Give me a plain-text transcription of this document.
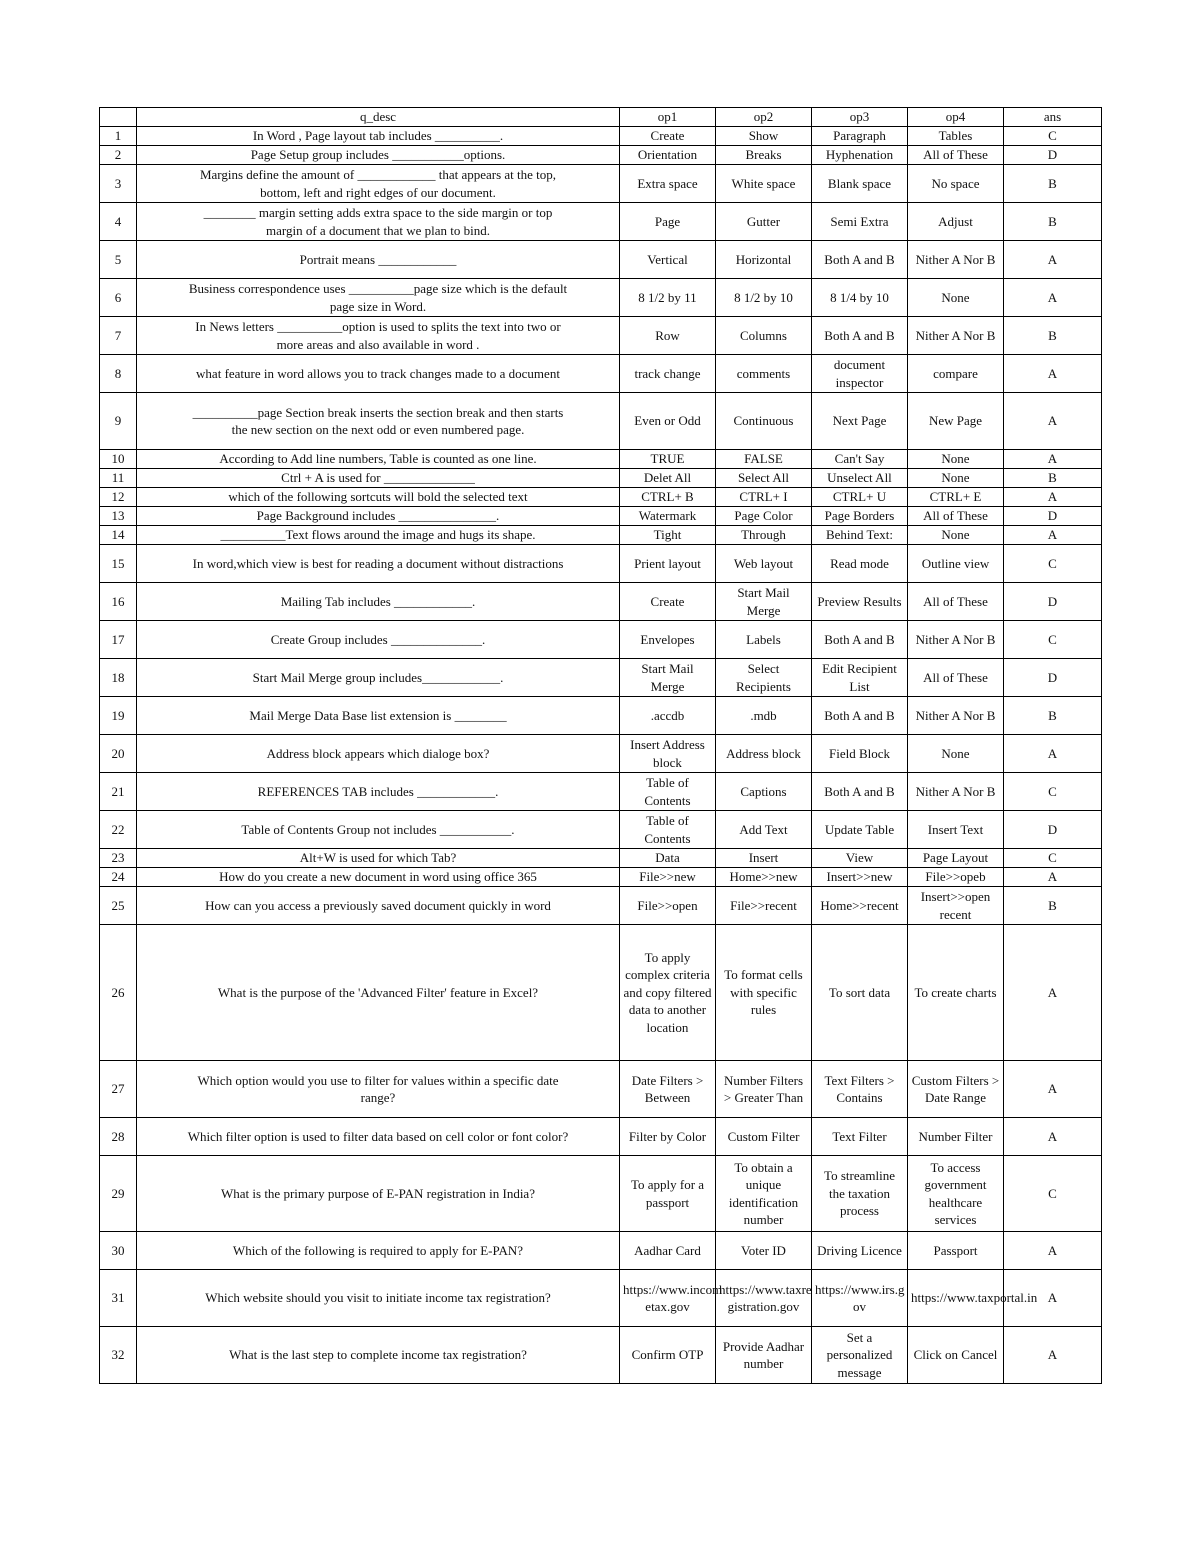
	q_desc	op1	op2	op3	op4	ans
1	In Word , Page layout tab includes __________.	Create	Show	Paragraph	Tables	C
2	Page Setup group includes ___________options.	Orientation	Breaks	Hyphenation	All of These	D
3	Margins define the amount of ____________ that appears at the top, bottom, left and right edges of our document.	Extra space	White space	Blank space	No space	B
4	________ margin setting adds extra space to the side margin or top margin of a document that we plan to bind.	Page	Gutter	Semi Extra	Adjust	B
5	Portrait means ____________	Vertical	Horizontal	Both A and B	Nither A Nor B	A
6	Business correspondence uses __________page size which is the default page size in Word.	8 1/2 by 11	8 1/2 by 10	8 1/4 by 10	None	A
7	In News letters __________option is used to splits the text into two or more areas and also available in word .	Row	Columns	Both A and B	Nither A Nor B	B
8	what feature in word allows you to track changes made to a document	track change	comments	document inspector	compare	A
9	__________page Section break inserts the section break and then starts the new section on the next odd or even numbered page.	Even or Odd	Continuous	Next Page	New Page	A
10	According to Add line numbers, Table is counted as one line.	TRUE	FALSE	Can't Say	None	A
11	Ctrl + A is used for ______________	Delet All	Select All	Unselect All	None	B
12	which of the following sortcuts will bold the selected text	CTRL+ B	CTRL+ I	CTRL+ U	CTRL+ E	A
13	Page Background includes _______________.	Watermark	Page Color	Page Borders	All of These	D
14	__________Text flows around the image and hugs its shape.	Tight	Through	Behind Text:	None	A
15	In word,which view is best for reading a document without distractions	Prient layout	Web layout	Read mode	Outline view	C
16	Mailing Tab includes ____________.	Create	Start Mail Merge	Preview Results	All of These	D
17	Create Group includes ______________.	Envelopes	Labels	Both A and B	Nither A Nor B	C
18	Start Mail Merge group includes____________.	Start Mail Merge	Select Recipients	Edit Recipient List	All of These	D
19	Mail Merge Data Base list extension is ________	.accdb	.mdb	Both A and B	Nither A Nor B	B
20	Address block appears which dialoge box?	Insert Address block	Address block	Field Block	None	A
21	REFERENCES TAB includes ____________.	Table of Contents	Captions	Both A and B	Nither A Nor B	C
22	Table of Contents Group not includes ___________.	Table of Contents	Add Text	Update Table	Insert Text	D
23	Alt+W is used for which Tab?	Data	Insert	View	Page Layout	C
24	How do you create a new document in word using office 365	File>>new	Home>>new	Insert>>new	File>>opeb	A
25	How can you access a previously saved document quickly in word	File>>open	File>>recent	Home>>recent	Insert>>open recent	B
26	What is the purpose of the 'Advanced Filter' feature in Excel?	To apply complex criteria and copy filtered data to another location	To format cells with specific rules	To sort data	To create charts	A
27	Which option would you use to filter for values within a specific date range?	Date Filters > Between	Number Filters > Greater Than	Text Filters > Contains	Custom Filters > Date Range	A
28	Which filter option is used to filter data based on cell color or font color?	Filter by Color	Custom Filter	Text Filter	Number Filter	A
29	What is the primary purpose of E-PAN registration in India?	To apply for a passport	To obtain a unique identification number	To streamline the taxation process	To access government healthcare services	C
30	Which of the following is required to apply for E-PAN?	Aadhar Card	Voter ID	Driving Licence	Passport	A
31	Which website should you visit to initiate income tax registration?	https://www.incom etax.gov	https://www.taxre gistration.gov	https://www.irs.g ov	https://www.taxportal.in	A
32	What is the last step to complete income tax registration?	Confirm OTP	Provide Aadhar number	Set a personalized message	Click on Cancel	A
